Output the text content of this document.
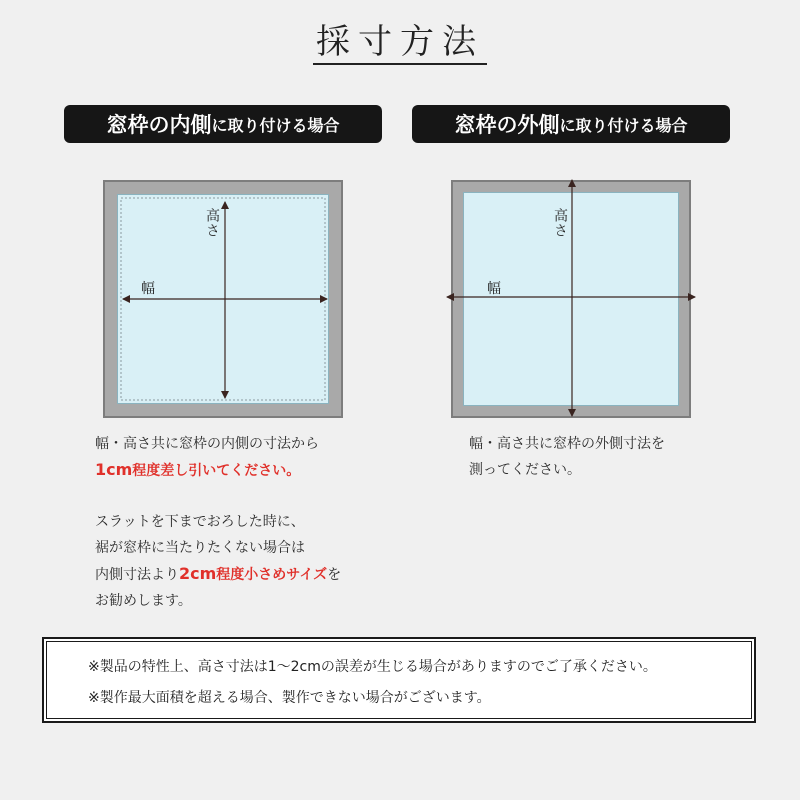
採寸方法
窓枠の内側 に取り付ける場合	窓枠の外側 に取り付ける場合
高さ
幅
高さ
幅
幅・高さ共に窓枠の内側の寸法から
1cm程度差し引いてください。
スラットを下までおろした時に、
裾が窓枠に当たりたくない場合は
内側寸法より2cm程度小さめサイズを
お勧めします。
幅・高さ共に窓枠の外側寸法を
測ってください。

※製品の特性上、高さ寸法は1〜2cmの誤差が生じる場合がありますのでご了承ください。

※製作最大面積を超える場合、製作できない場合がございます。
